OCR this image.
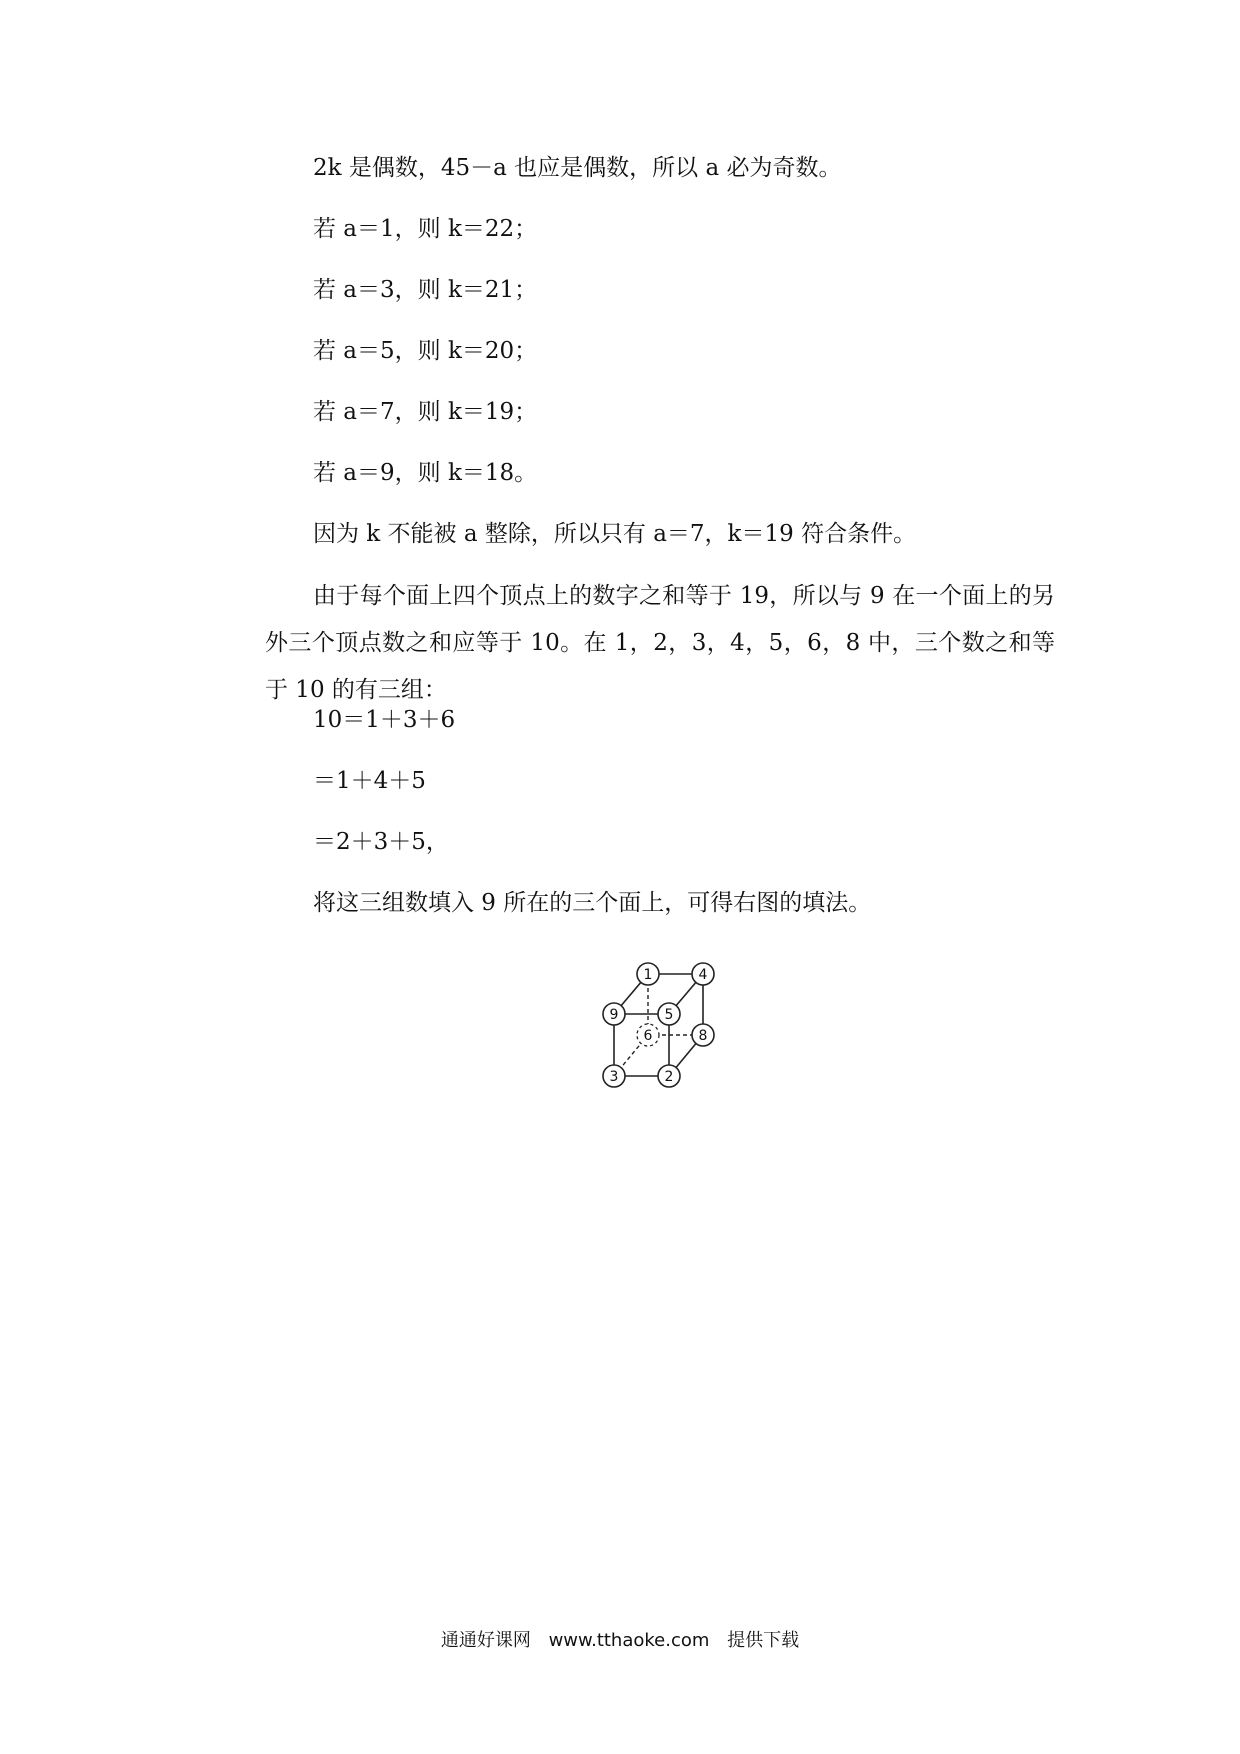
2k 是偶数，45－a 也应是偶数，所以 a 必为奇数。
若 a＝1，则 k＝22；
若 a＝3，则 k＝21；
若 a＝5，则 k＝20；
若 a＝7，则 k＝19；
若 a＝9，则 k＝18。
因为 k 不能被 a 整除，所以只有 a＝7，k＝19 符合条件。
由于每个面上四个顶点上的数字之和等于 19，所以与 9 在一个面上的另外三个顶点数之和应等于 10。在 1，2，3，4，5，6，8 中，三个数之和等于 10 的有三组：
10＝1＋3＋6
＝1＋4＋5
＝2＋3＋5，
将这三组数填入 9 所在的三个面上，可得右图的填法。
1	4
9	5
6	8
3	2
通通好课网 www.tthaoke.com 提供下载
